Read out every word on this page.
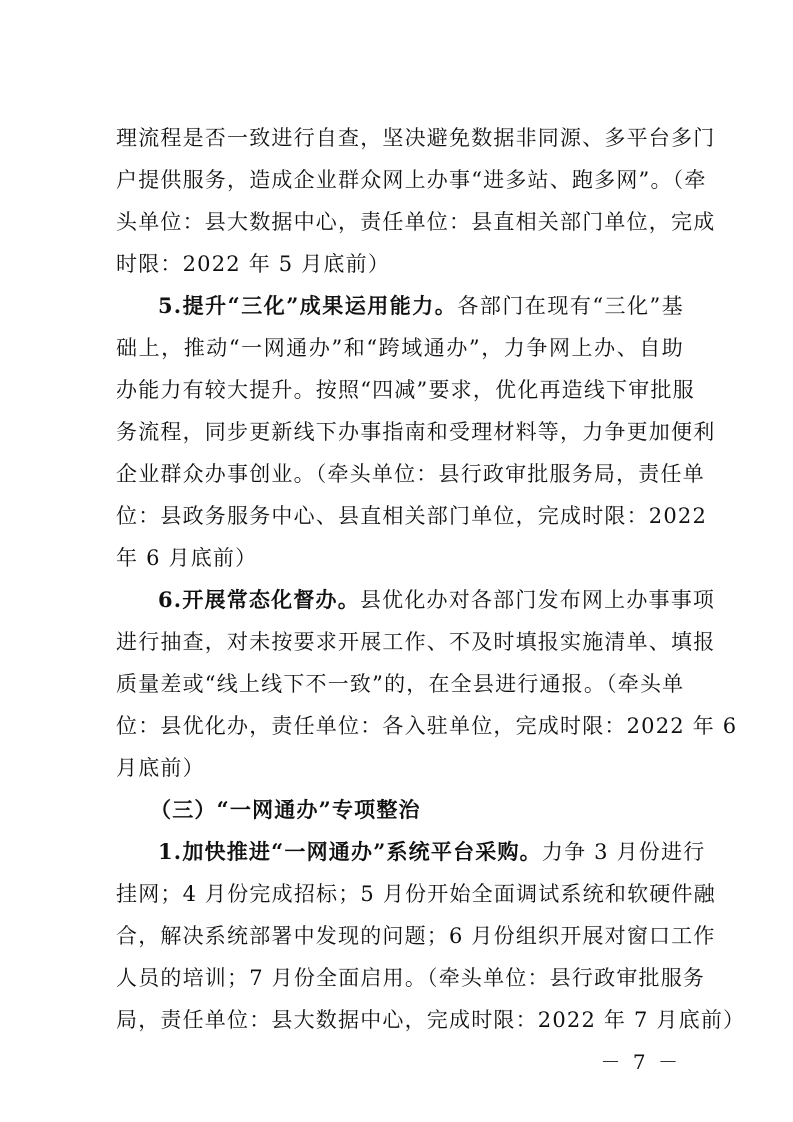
理流程是否一致进行自查，坚决避免数据非同源、多平台多门
户提供服务，造成企业群众网上办事“进多站、跑多网”。（牵
头单位：县大数据中心，责任单位：县直相关部门单位，完成
时限：2022 年 5 月底前）
5.提升“三化”成果运用能力。各部门在现有“三化”基
础上，推动“一网通办”和“跨域通办”，力争网上办、自助
办能力有较大提升。按照“四减”要求，优化再造线下审批服
务流程，同步更新线下办事指南和受理材料等，力争更加便利
企业群众办事创业。（牵头单位：县行政审批服务局，责任单
位：县政务服务中心、县直相关部门单位，完成时限：2022
年 6 月底前）
6.开展常态化督办。县优化办对各部门发布网上办事事项
进行抽查，对未按要求开展工作、不及时填报实施清单、填报
质量差或“线上线下不一致”的，在全县进行通报。（牵头单
位：县优化办，责任单位：各入驻单位，完成时限：2022 年 6
月底前）
（三）“一网通办”专项整治
1.加快推进“一网通办”系统平台采购。力争 3 月份进行
挂网；4 月份完成招标；5 月份开始全面调试系统和软硬件融
合，解决系统部署中发现的问题；6 月份组织开展对窗口工作
人员的培训；7 月份全面启用。（牵头单位：县行政审批服务
局，责任单位：县大数据中心，完成时限：2022 年 7 月底前）
－ 7 －
